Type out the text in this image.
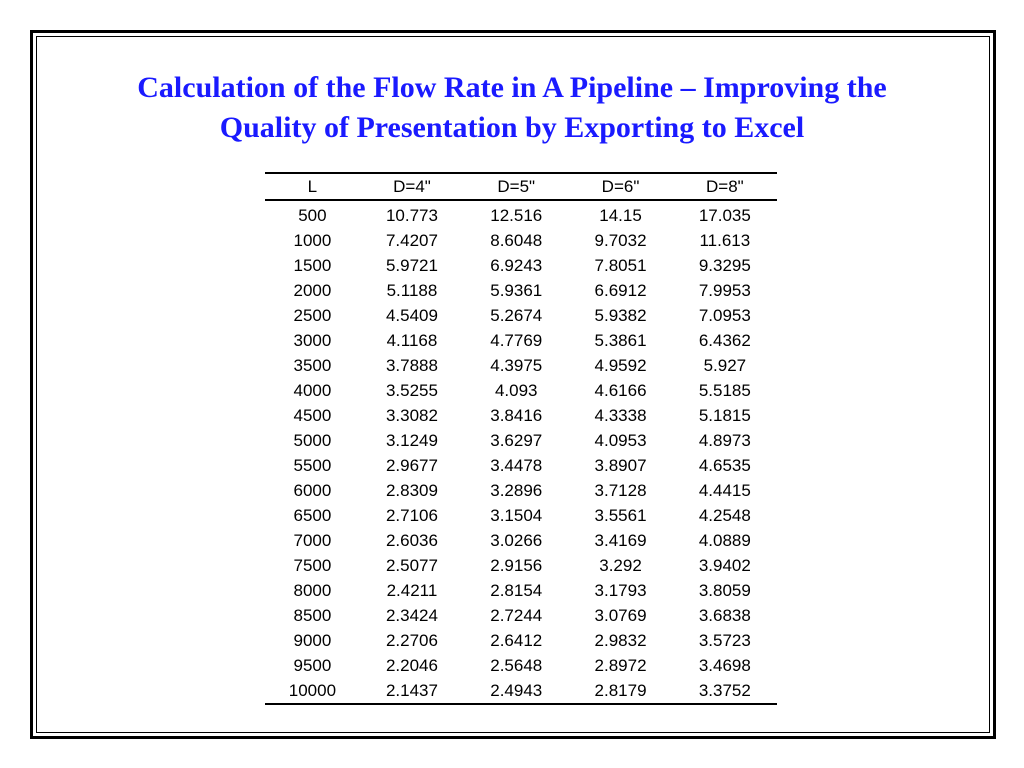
Calculation of the Flow Rate in A Pipeline – Improving the
Quality of Presentation by Exporting to Excel
L	D=4"	D=5"	D=6"	D=8"
500	10.773	12.516	14.15	17.035
1000	7.4207	8.6048	9.7032	11.613
1500	5.9721	6.9243	7.8051	9.3295
2000	5.1188	5.9361	6.6912	7.9953
2500	4.5409	5.2674	5.9382	7.0953
3000	4.1168	4.7769	5.3861	6.4362
3500	3.7888	4.3975	4.9592	5.927
4000	3.5255	4.093	4.6166	5.5185
4500	3.3082	3.8416	4.3338	5.1815
5000	3.1249	3.6297	4.0953	4.8973
5500	2.9677	3.4478	3.8907	4.6535
6000	2.8309	3.2896	3.7128	4.4415
6500	2.7106	3.1504	3.5561	4.2548
7000	2.6036	3.0266	3.4169	4.0889
7500	2.5077	2.9156	3.292	3.9402
8000	2.4211	2.8154	3.1793	3.8059
8500	2.3424	2.7244	3.0769	3.6838
9000	2.2706	2.6412	2.9832	3.5723
9500	2.2046	2.5648	2.8972	3.4698
10000	2.1437	2.4943	2.8179	3.3752
